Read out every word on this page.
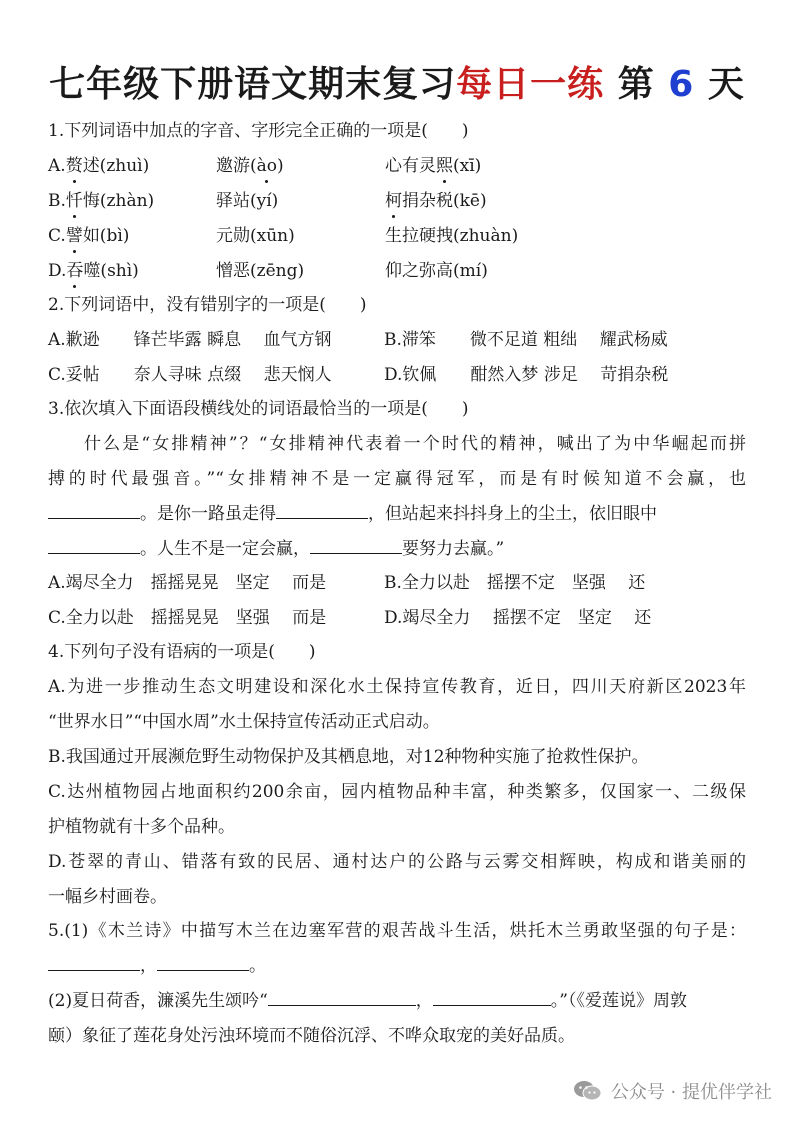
七年级下册语文期末复习每日一练 第 6 天
1.下列词语中加点的字音、字形完全正确的一项是(　　)
A.赘述(zhuì)	邀游(ào)	心有灵熙(xī)
B.忏悔(zhàn)	驿站(yí)	柯捐杂税(kē)
C.譬如(bì)	元勋(xūn)	生拉硬拽(zhuàn)
D.吞噬(shì)	憎恶(zēng)	仰之弥高(mí)
2.下列词语中，没有错别字的一项是(　　)
A.歉逊　　锋芒毕露 瞬息　 血气方钢	B.滞笨　　微不足道 粗绌　 耀武杨威
C.妥帖　　奈人寻味 点缀　 悲天悯人	D.钦佩　　酣然入梦 涉足　 苛捐杂税
3.依次填入下面语段横线处的词语最恰当的一项是(　　)
什么是“女排精神”？“女排精神代表着一个时代的精神，喊出了为中华崛起而拼
搏的时代最强音。”“女排精神不是一定赢得冠军，而是有时候知道不会赢，也
。是你一路虽走得	，但站起来抖抖身上的尘土，依旧眼中
。人生不是一定会赢，	要努力去赢。”
A.竭尽全力　摇摇晃晃　坚定　 而是	B.全力以赴　摇摆不定　坚强　 还
C.全力以赴　摇摇晃晃　坚强　 而是	D.竭尽全力　 摇摆不定　坚定　 还
4.下列句子没有语病的一项是(　　)
A.为进一步推动生态文明建设和深化水土保持宣传教育，近日，四川天府新区2023年
“世界水日”“中国水周”水土保持宣传活动正式启动。
B.我国通过开展濒危野生动物保护及其栖息地，对12种物种实施了抢救性保护。
C.达州植物园占地面积约200余亩，园内植物品种丰富，种类繁多，仅国家一、二级保
护植物就有十多个品种。
D.苍翠的青山、错落有致的民居、通村达户的公路与云雾交相辉映，构成和谐美丽的
一幅乡村画卷。
5.(1)《木兰诗》中描写木兰在边塞军营的艰苦战斗生活，烘托木兰勇敢坚强的句子是：
，	。
(2)夏日荷香，濂溪先生颂吟“	，	。”（《爱莲说》周敦
颐）象征了莲花身处污浊环境而不随俗沉浮、不哗众取宠的美好品质。
公众号 · 提优伴学社
